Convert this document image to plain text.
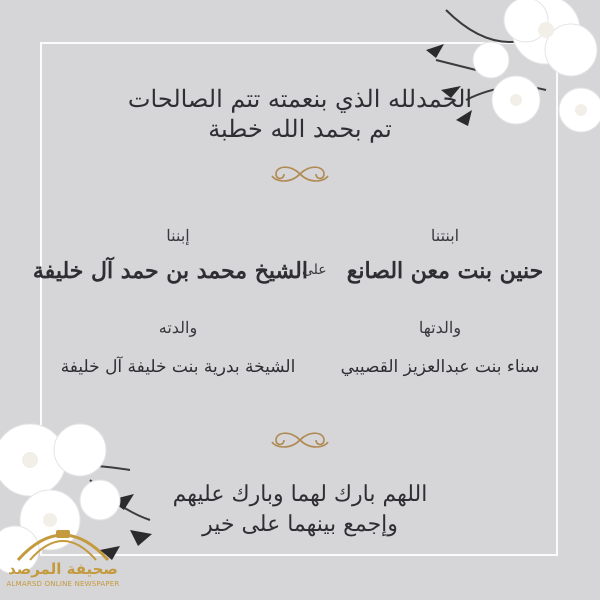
الحمدلله الذي بنعمته تتم الصالحات
تم بحمد الله خطبة
ابنتنا
حنين بنت معن الصانع
على
إبننا
الشيخ محمد بن حمد آل خليفة
والدتها
سناء بنت عبدالعزيز القصيبي
والدته
الشيخة بدرية بنت خليفة آل خليفة
اللهم بارك لهما وبارك عليهم
وإجمع بينهما على خير
صحيفة المرصد
ALMARSD ONLINE NEWSPAPER
